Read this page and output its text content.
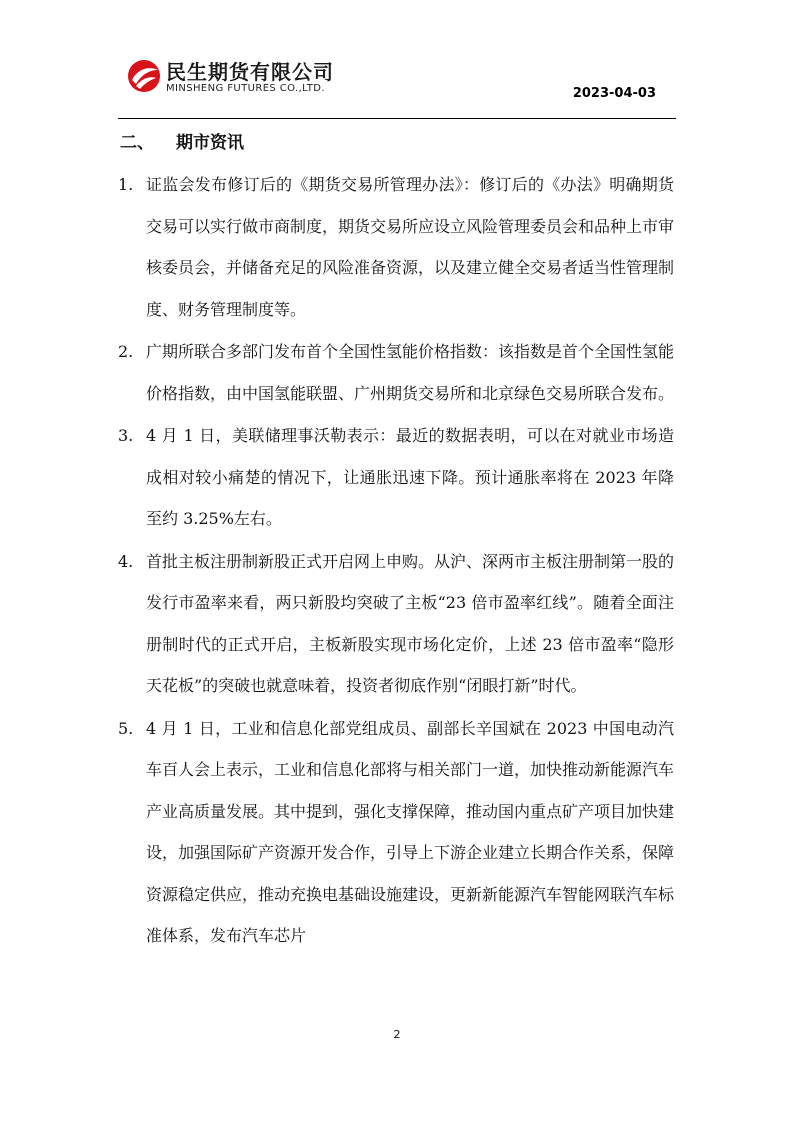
民生期货有限公司
MINSHENG FUTURES CO.,LTD.	2023-04-03
二、 期市资讯
1. 证监会发布修订后的《期货交易所管理办法》：修订后的《办法》明确期货交易可以实行做市商制度，期货交易所应设立风险管理委员会和品种上市审核委员会，并储备充足的风险准备资源，以及建立健全交易者适当性管理制度、财务管理制度等。
2. 广期所联合多部门发布首个全国性氢能价格指数：该指数是首个全国性氢能价格指数，由中国氢能联盟、广州期货交易所和北京绿色交易所联合发布。
3. 4 月 1 日，美联储理事沃勒表示：最近的数据表明，可以在对就业市场造成相对较小痛楚的情况下，让通胀迅速下降。预计通胀率将在 2023 年降至约 3.25%左右。
4. 首批主板注册制新股正式开启网上申购。从沪、深两市主板注册制第一股的发行市盈率来看，两只新股均突破了主板“23 倍市盈率红线”。随着全面注册制时代的正式开启，主板新股实现市场化定价，上述 23 倍市盈率“隐形天花板”的突破也就意味着，投资者彻底作别“闭眼打新”时代。
5. 4 月 1 日，工业和信息化部党组成员、副部长辛国斌在 2023 中国电动汽车百人会上表示，工业和信息化部将与相关部门一道，加快推动新能源汽车产业高质量发展。其中提到，强化支撑保障，推动国内重点矿产项目加快建设，加强国际矿产资源开发合作，引导上下游企业建立长期合作关系，保障资源稳定供应，推动充换电基础设施建设，更新新能源汽车智能网联汽车标准体系，发布汽车芯片
2
